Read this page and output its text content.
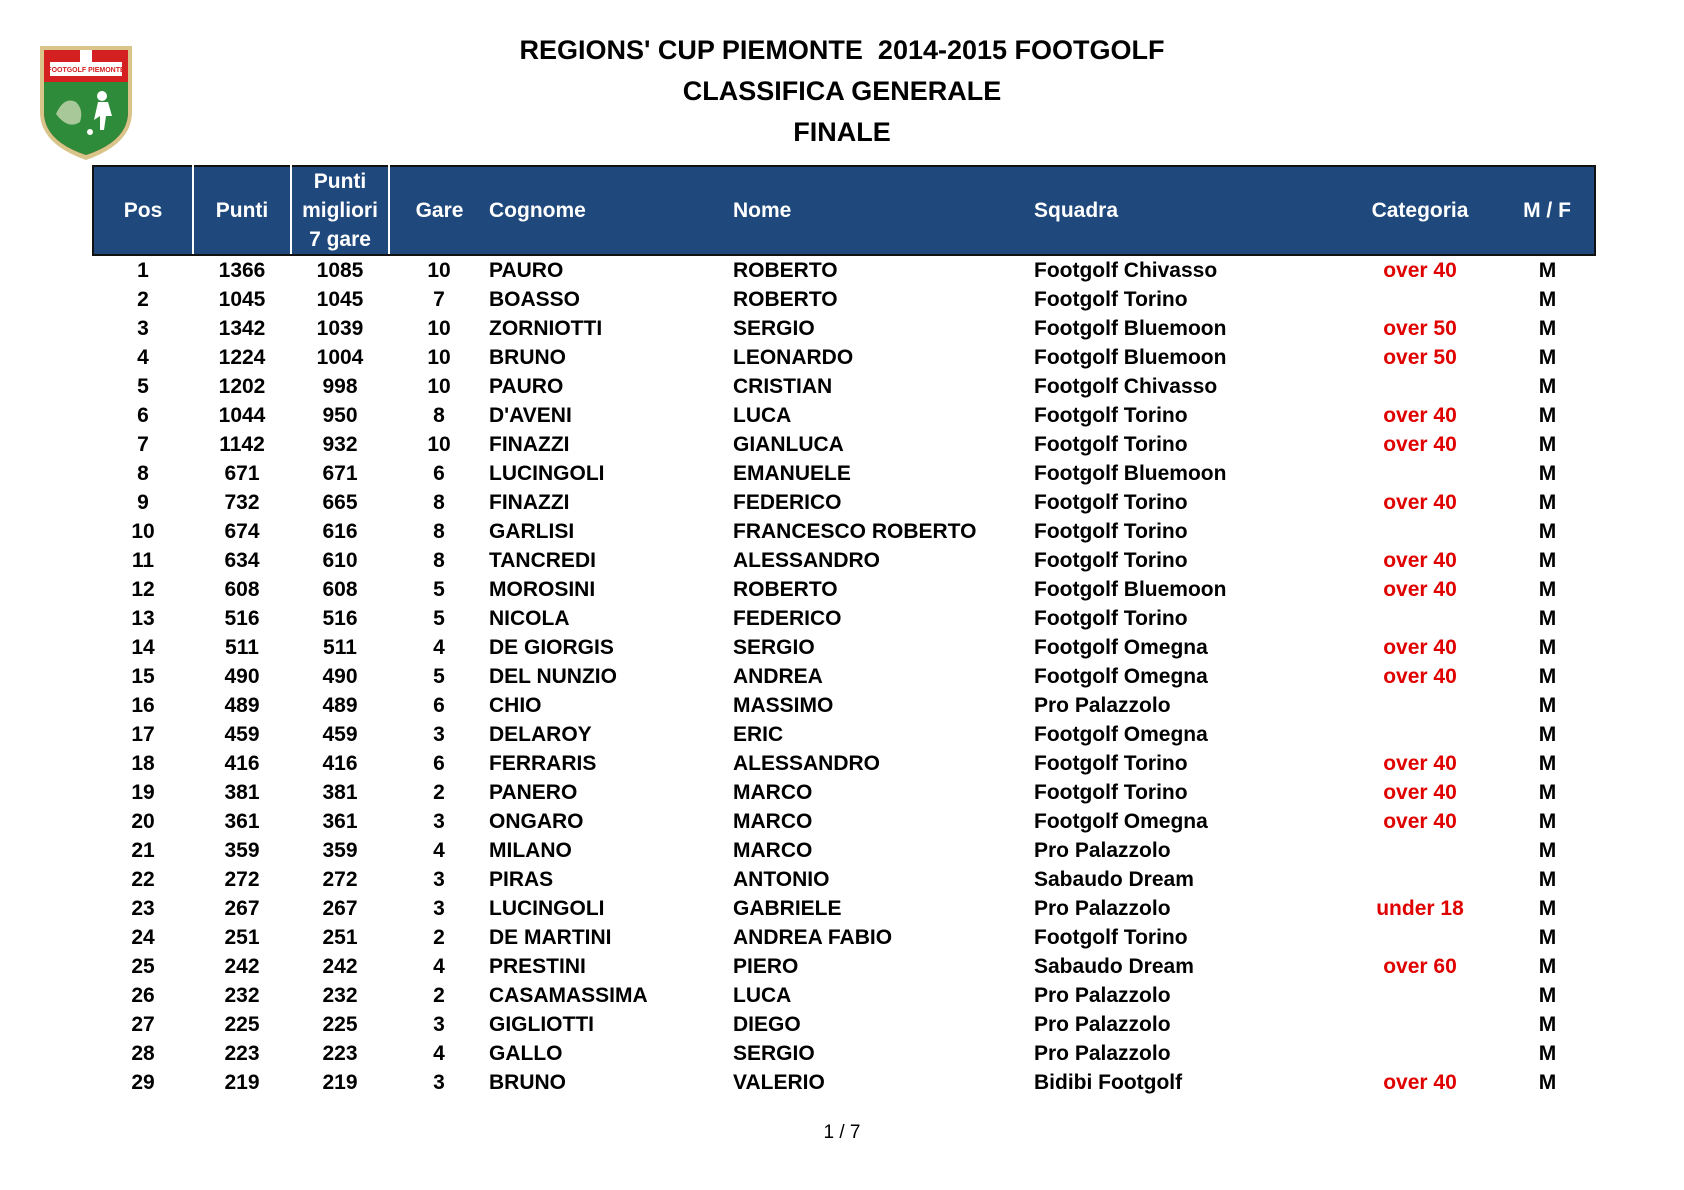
FOOTGOLF PIEMONTE
REGIONS' CUP PIEMONTE  2014-2015 FOOTGOLF
CLASSIFICA GENERALE
FINALE
Pos	Punti	Punti
migliori
7 gare	Gare	Cognome	Nome	Squadra	Categoria	M / F
1	1366	1085	10	PAURO	ROBERTO	Footgolf Chivasso	over 40	M
2	1045	1045	7	BOASSO	ROBERTO	Footgolf Torino		M
3	1342	1039	10	ZORNIOTTI	SERGIO	Footgolf Bluemoon	over 50	M
4	1224	1004	10	BRUNO	LEONARDO	Footgolf Bluemoon	over 50	M
5	1202	998	10	PAURO	CRISTIAN	Footgolf Chivasso		M
6	1044	950	8	D'AVENI	LUCA	Footgolf Torino	over 40	M
7	1142	932	10	FINAZZI	GIANLUCA	Footgolf Torino	over 40	M
8	671	671	6	LUCINGOLI	EMANUELE	Footgolf Bluemoon		M
9	732	665	8	FINAZZI	FEDERICO	Footgolf Torino	over 40	M
10	674	616	8	GARLISI	FRANCESCO ROBERTO	Footgolf Torino		M
11	634	610	8	TANCREDI	ALESSANDRO	Footgolf Torino	over 40	M
12	608	608	5	MOROSINI	ROBERTO	Footgolf Bluemoon	over 40	M
13	516	516	5	NICOLA	FEDERICO	Footgolf Torino		M
14	511	511	4	DE GIORGIS	SERGIO	Footgolf Omegna	over 40	M
15	490	490	5	DEL NUNZIO	ANDREA	Footgolf Omegna	over 40	M
16	489	489	6	CHIO	MASSIMO	Pro Palazzolo		M
17	459	459	3	DELAROY	ERIC	Footgolf Omegna		M
18	416	416	6	FERRARIS	ALESSANDRO	Footgolf Torino	over 40	M
19	381	381	2	PANERO	MARCO	Footgolf Torino	over 40	M
20	361	361	3	ONGARO	MARCO	Footgolf Omegna	over 40	M
21	359	359	4	MILANO	MARCO	Pro Palazzolo		M
22	272	272	3	PIRAS	ANTONIO	Sabaudo Dream		M
23	267	267	3	LUCINGOLI	GABRIELE	Pro Palazzolo	under 18	M
24	251	251	2	DE MARTINI	ANDREA FABIO	Footgolf Torino		M
25	242	242	4	PRESTINI	PIERO	Sabaudo Dream	over 60	M
26	232	232	2	CASAMASSIMA	LUCA	Pro Palazzolo		M
27	225	225	3	GIGLIOTTI	DIEGO	Pro Palazzolo		M
28	223	223	4	GALLO	SERGIO	Pro Palazzolo		M
29	219	219	3	BRUNO	VALERIO	Bidibi Footgolf	over 40	M
1 / 7
